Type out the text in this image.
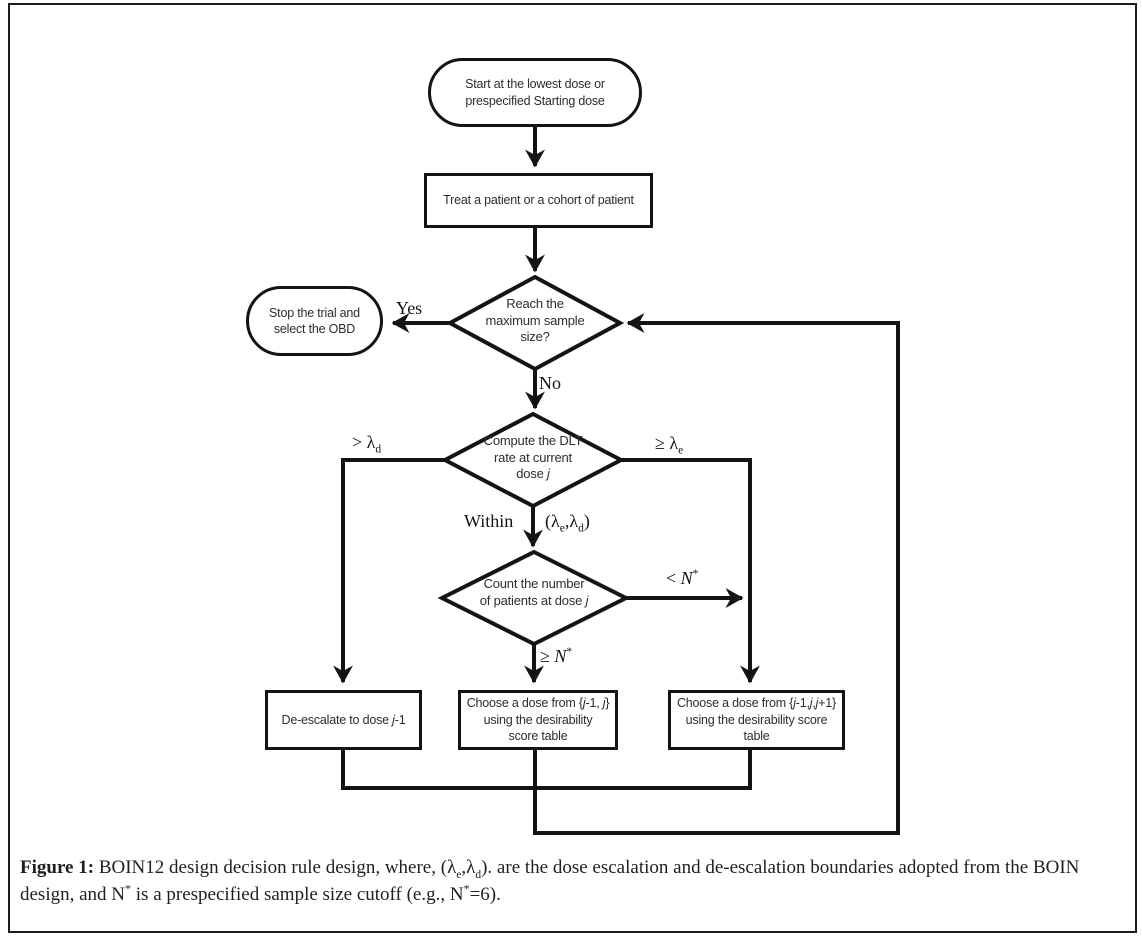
Start at the lowest dose or
prespecified Starting dose
Treat a patient or a cohort of patient
Reach the
maximum sample
size?
Stop the trial and
select the OBD
Compute the DLT
rate at current
dose j
Count the number
of patients at dose j
De-escalate to dose j-1
Choose a dose from {j-1, j}
using the desirability
score table
Choose a dose from {j-1,j,j+1}
using the desirability score
table
Yes
No
> $\lambda_d$	≥ $\lambda_e$
Within $(\lambda_e,\lambda_d)$
< N*
≥ N*
Figure 1: BOIN12 design decision rule design, where, $(\lambda_e,\lambda_d)$. are the dose escalation and de-escalation boundaries adopted from the BOIN design, and N* is a prespecified sample size cutoff (e.g., N*=6).
